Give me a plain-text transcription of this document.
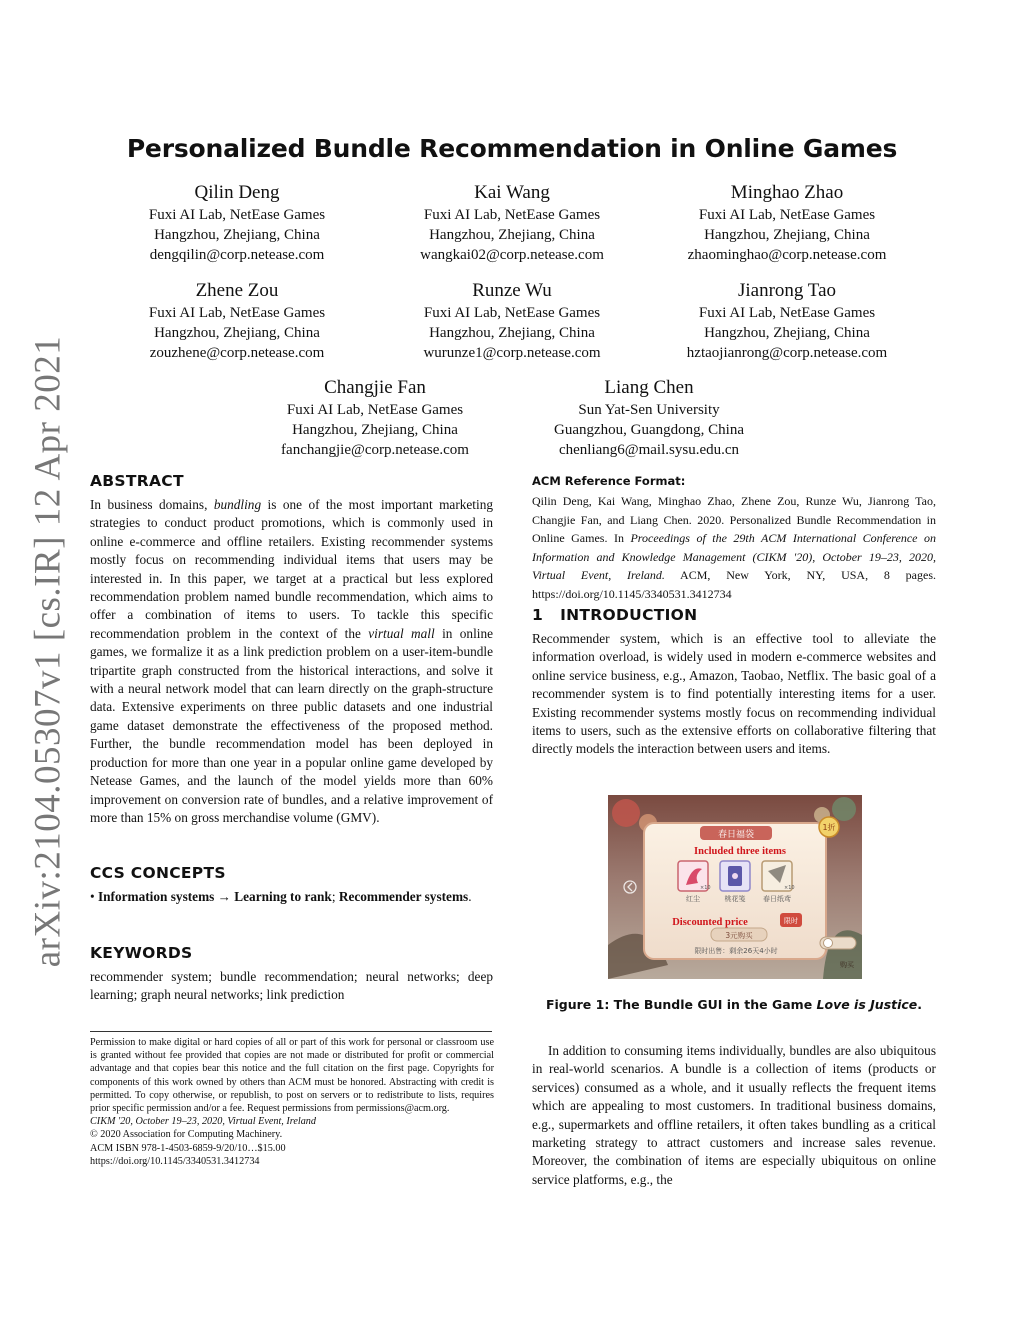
arXiv:2104.05307v1 [cs.IR] 12 Apr 2021
Personalized Bundle Recommendation in Online Games
Qilin Deng
Fuxi AI Lab, NetEase Games
Hangzhou, Zhejiang, China
dengqilin@corp.netease.com
Kai Wang
Fuxi AI Lab, NetEase Games
Hangzhou, Zhejiang, China
wangkai02@corp.netease.com
Minghao Zhao
Fuxi AI Lab, NetEase Games
Hangzhou, Zhejiang, China
zhaominghao@corp.netease.com
Zhene Zou
Fuxi AI Lab, NetEase Games
Hangzhou, Zhejiang, China
zouzhene@corp.netease.com
Runze Wu
Fuxi AI Lab, NetEase Games
Hangzhou, Zhejiang, China
wurunze1@corp.netease.com
Jianrong Tao
Fuxi AI Lab, NetEase Games
Hangzhou, Zhejiang, China
hztaojianrong@corp.netease.com
Changjie Fan
Fuxi AI Lab, NetEase Games
Hangzhou, Zhejiang, China
fanchangjie@corp.netease.com
Liang Chen
Sun Yat-Sen University
Guangzhou, Guangdong, China
chenliang6@mail.sysu.edu.cn
ABSTRACT
In business domains, bundling is one of the most important marketing strategies to conduct product promotions, which is commonly used in online e-commerce and offline retailers. Existing recommender systems mostly focus on recommending individual items that users may be interested in. In this paper, we target at a practical but less explored recommendation problem named bundle recommendation, which aims to offer a combination of items to users. To tackle this specific recommendation problem in the context of the virtual mall in online games, we formalize it as a link prediction problem on a user-item-bundle tripartite graph constructed from the historical interactions, and solve it with a neural network model that can learn directly on the graph-structure data. Extensive experiments on three public datasets and one industrial game dataset demonstrate the effectiveness of the proposed method. Further, the bundle recommendation model has been deployed in production for more than one year in a popular online game developed by Netease Games, and the launch of the model yields more than 60% improvement on conversion rate of bundles, and a relative improvement of more than 15% on gross merchandise volume (GMV).
CCS CONCEPTS
• Information systems → Learning to rank; Recommender systems.
KEYWORDS
recommender system; bundle recommendation; neural networks; deep learning; graph neural networks; link prediction
Permission to make digital or hard copies of all or part of this work for personal or classroom use is granted without fee provided that copies are not made or distributed for profit or commercial advantage and that copies bear this notice and the full citation on the first page. Copyrights for components of this work owned by others than ACM must be honored. Abstracting with credit is permitted. To copy otherwise, or republish, to post on servers or to redistribute to lists, requires prior specific permission and/or a fee. Request permissions from permissions@acm.org.
CIKM '20, October 19–23, 2020, Virtual Event, Ireland
© 2020 Association for Computing Machinery.
ACM ISBN 978-1-4503-6859-9/20/10…$15.00
https://doi.org/10.1145/3340531.3412734
ACM Reference Format:
Qilin Deng, Kai Wang, Minghao Zhao, Zhene Zou, Runze Wu, Jianrong Tao, Changjie Fan, and Liang Chen. 2020. Personalized Bundle Recommendation in Online Games. In Proceedings of the 29th ACM International Conference on Information and Knowledge Management (CIKM '20), October 19–23, 2020, Virtual Event, Ireland. ACM, New York, NY, USA, 8 pages. https://doi.org/10.1145/3340531.3412734
1 INTRODUCTION
Recommender system, which is an effective tool to alleviate the information overload, is widely used in modern e-commerce websites and online service business, e.g., Amazon, Taobao, Netflix. The basic goal of a recommender system is to find potentially interesting items for a user. Existing recommender systems mostly focus on recommending individual items to users, such as the extensive efforts on collaborative filtering that directly models the interaction between users and items.
春日福袋
1折
Included three items
×10
红尘	桃花笺
×10
春日纸鸢
Discounted price	限时
3元购买
限时出售：剩余26天4小时
购买
Figure 1: The Bundle GUI in the Game Love is Justice.
In addition to consuming items individually, bundles are also ubiquitous in real-world scenarios. A bundle is a collection of items (products or services) consumed as a whole, and it usually reflects the frequent items which are appealing to most customers. In traditional business domains, e.g., supermarkets and offline retailers, it often takes bundling as a critical marketing strategy to attract customers and increase sales revenue. Moreover, the combination of items are especially ubiquitous on online service platforms, e.g., the
